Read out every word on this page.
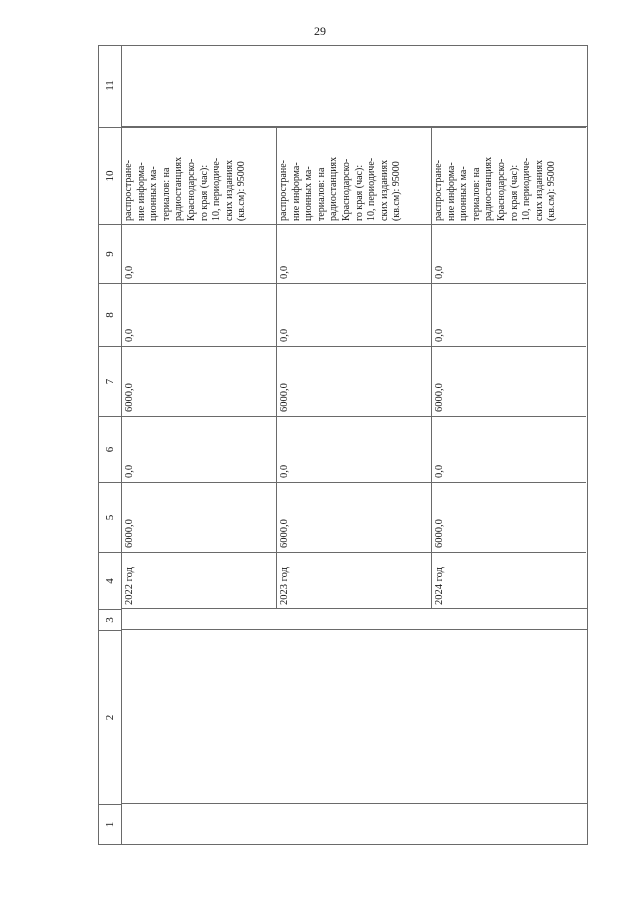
29
1
2
3
4
5
6
7
8
9
10
11
2022 год
6000,0
0,0
6000,0
0,0
0,0
распростране- ние информа- ционных ма- териалов: на радиостанциях Краснодарско- го края (час): 10, периодиче- ских изданиях (кв.см): 95000
2023 год
6000,0
0,0
6000,0
0,0
0,0
распростране- ние информа- ционных ма- териалов: на радиостанциях Краснодарско- го края (час): 10, периодиче- ских изданиях (кв.см): 95000
2024 год
6000,0
0,0
6000,0
0,0
0,0
распростране- ние информа- ционных ма- териалов: на радиостанциях Краснодарско- го края (час): 10, периодиче- ских изданиях (кв.см): 95000
